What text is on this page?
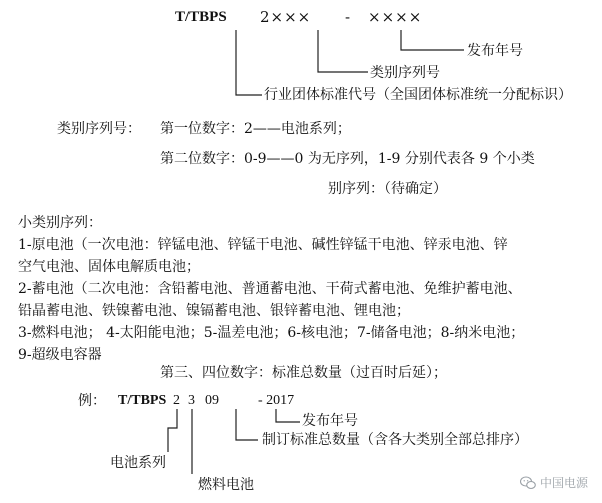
T/TBPS 2××× - ××××
发布年号
类别序列号
行业团体标准代号（全国团体标准统一分配标识）
类别序列号： 第一位数字：2——电池系列；
第二位数字：0-9——0 为无序列，1-9 分别代表各 9 个小类
别序列：（待确定）
小类别序列：
1-原电池（一次电池：锌锰电池、锌锰干电池、碱性锌锰干电池、锌汞电池、锌
空气电池、固体电解质电池；
2-蓄电池（二次电池：含铅蓄电池、普通蓄电池、干荷式蓄电池、免维护蓄电池、
铅晶蓄电池、铁镍蓄电池、镍镉蓄电池、银锌蓄电池、锂电池；
3-燃料电池； 4-太阳能电池；5-温差电池；6-核电池；7-储备电池；8-纳米电池；
9-超级电容器
第三、四位数字：标准总数量（过百时后延）；
例： T/TBPS 2 3 09	- 2017
发布年号
制订标准总数量（含各大类别全部总排序）
电池系列
燃料电池	中国电源
